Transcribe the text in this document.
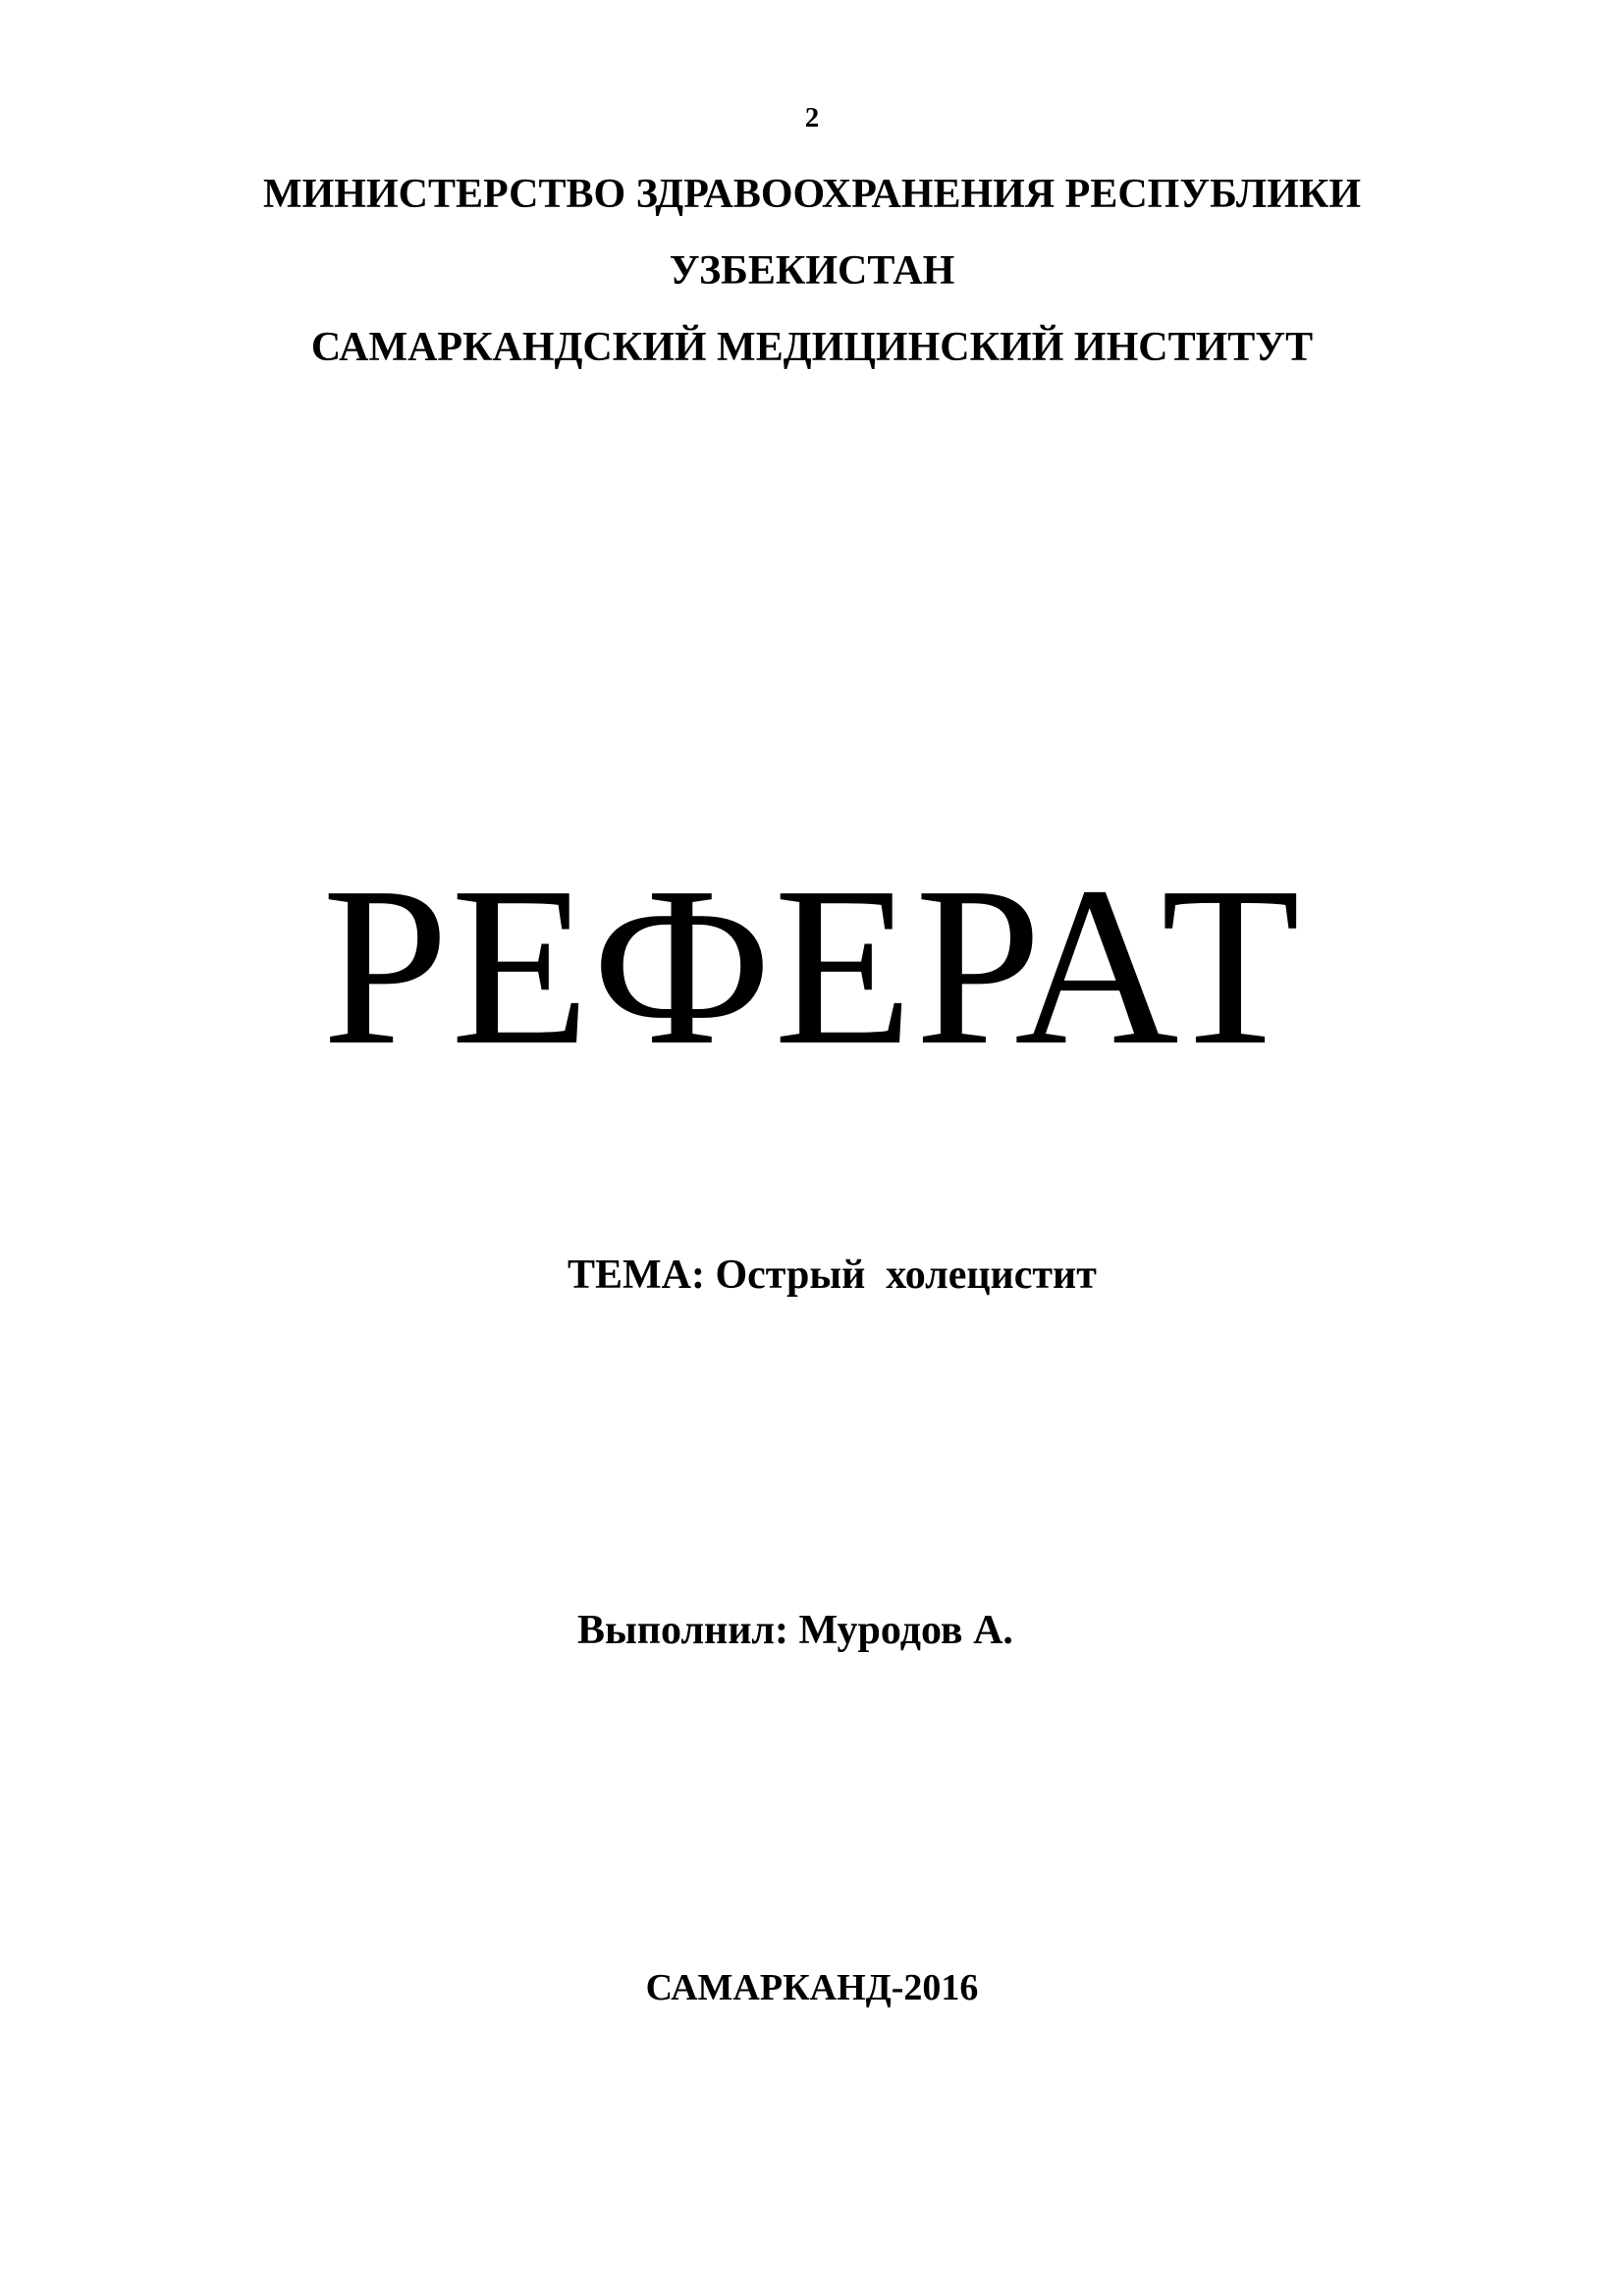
2
МИНИСТЕРСТВО ЗДРАВООХРАНЕНИЯ РЕСПУБЛИКИ
УЗБЕКИСТАН
САМАРКАНДСКИЙ МЕДИЦИНСКИЙ ИНСТИТУТ
РЕФЕРАТ
ТЕМА: Острый  холецистит
Выполнил: Муродов А.
САМАРКАНД-2016
